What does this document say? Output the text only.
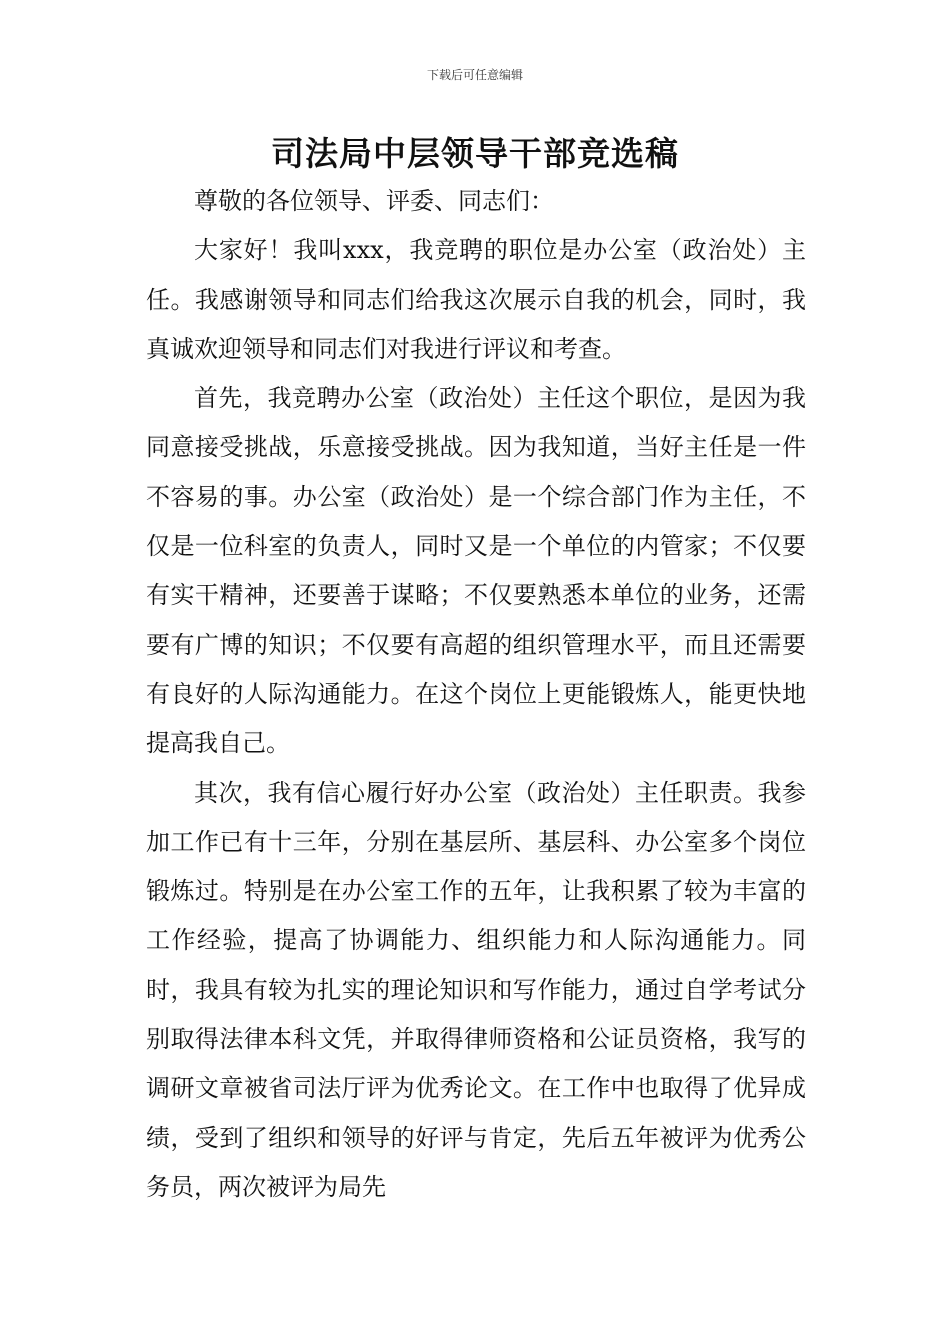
下载后可任意编辑
司法局中层领导干部竞选稿

尊敬的各位领导、评委、同志们：

大家好！我叫xxx，我竞聘的职位是办公室（政治处）主任。我感谢领导和同志们给我这次展示自我的机会，同时，我真诚欢迎领导和同志们对我进行评议和考查。

首先，我竞聘办公室（政治处）主任这个职位，是因为我同意接受挑战，乐意接受挑战。因为我知道，当好主任是一件不容易的事。办公室（政治处）是一个综合部门作为主任，不仅是一位科室的负责人，同时又是一个单位的内管家；不仅要有实干精神，还要善于谋略；不仅要熟悉本单位的业务，还需要有广博的知识；不仅要有高超的组织管理水平，而且还需要有良好的人际沟通能力。在这个岗位上更能锻炼人，能更快地提高我自己。

其次，我有信心履行好办公室（政治处）主任职责。我参加工作已有十三年，分别在基层所、基层科、办公室多个岗位锻炼过。特别是在办公室工作的五年，让我积累了较为丰富的工作经验，提高了协调能力、组织能力和人际沟通能力。同时，我具有较为扎实的理论知识和写作能力，通过自学考试分别取得法律本科文凭，并取得律师资格和公证员资格，我写的调研文章被省司法厅评为优秀论文。在工作中也取得了优异成绩，受到了组织和领导的好评与肯定，先后五年被评为优秀公务员，两次被评为局先
